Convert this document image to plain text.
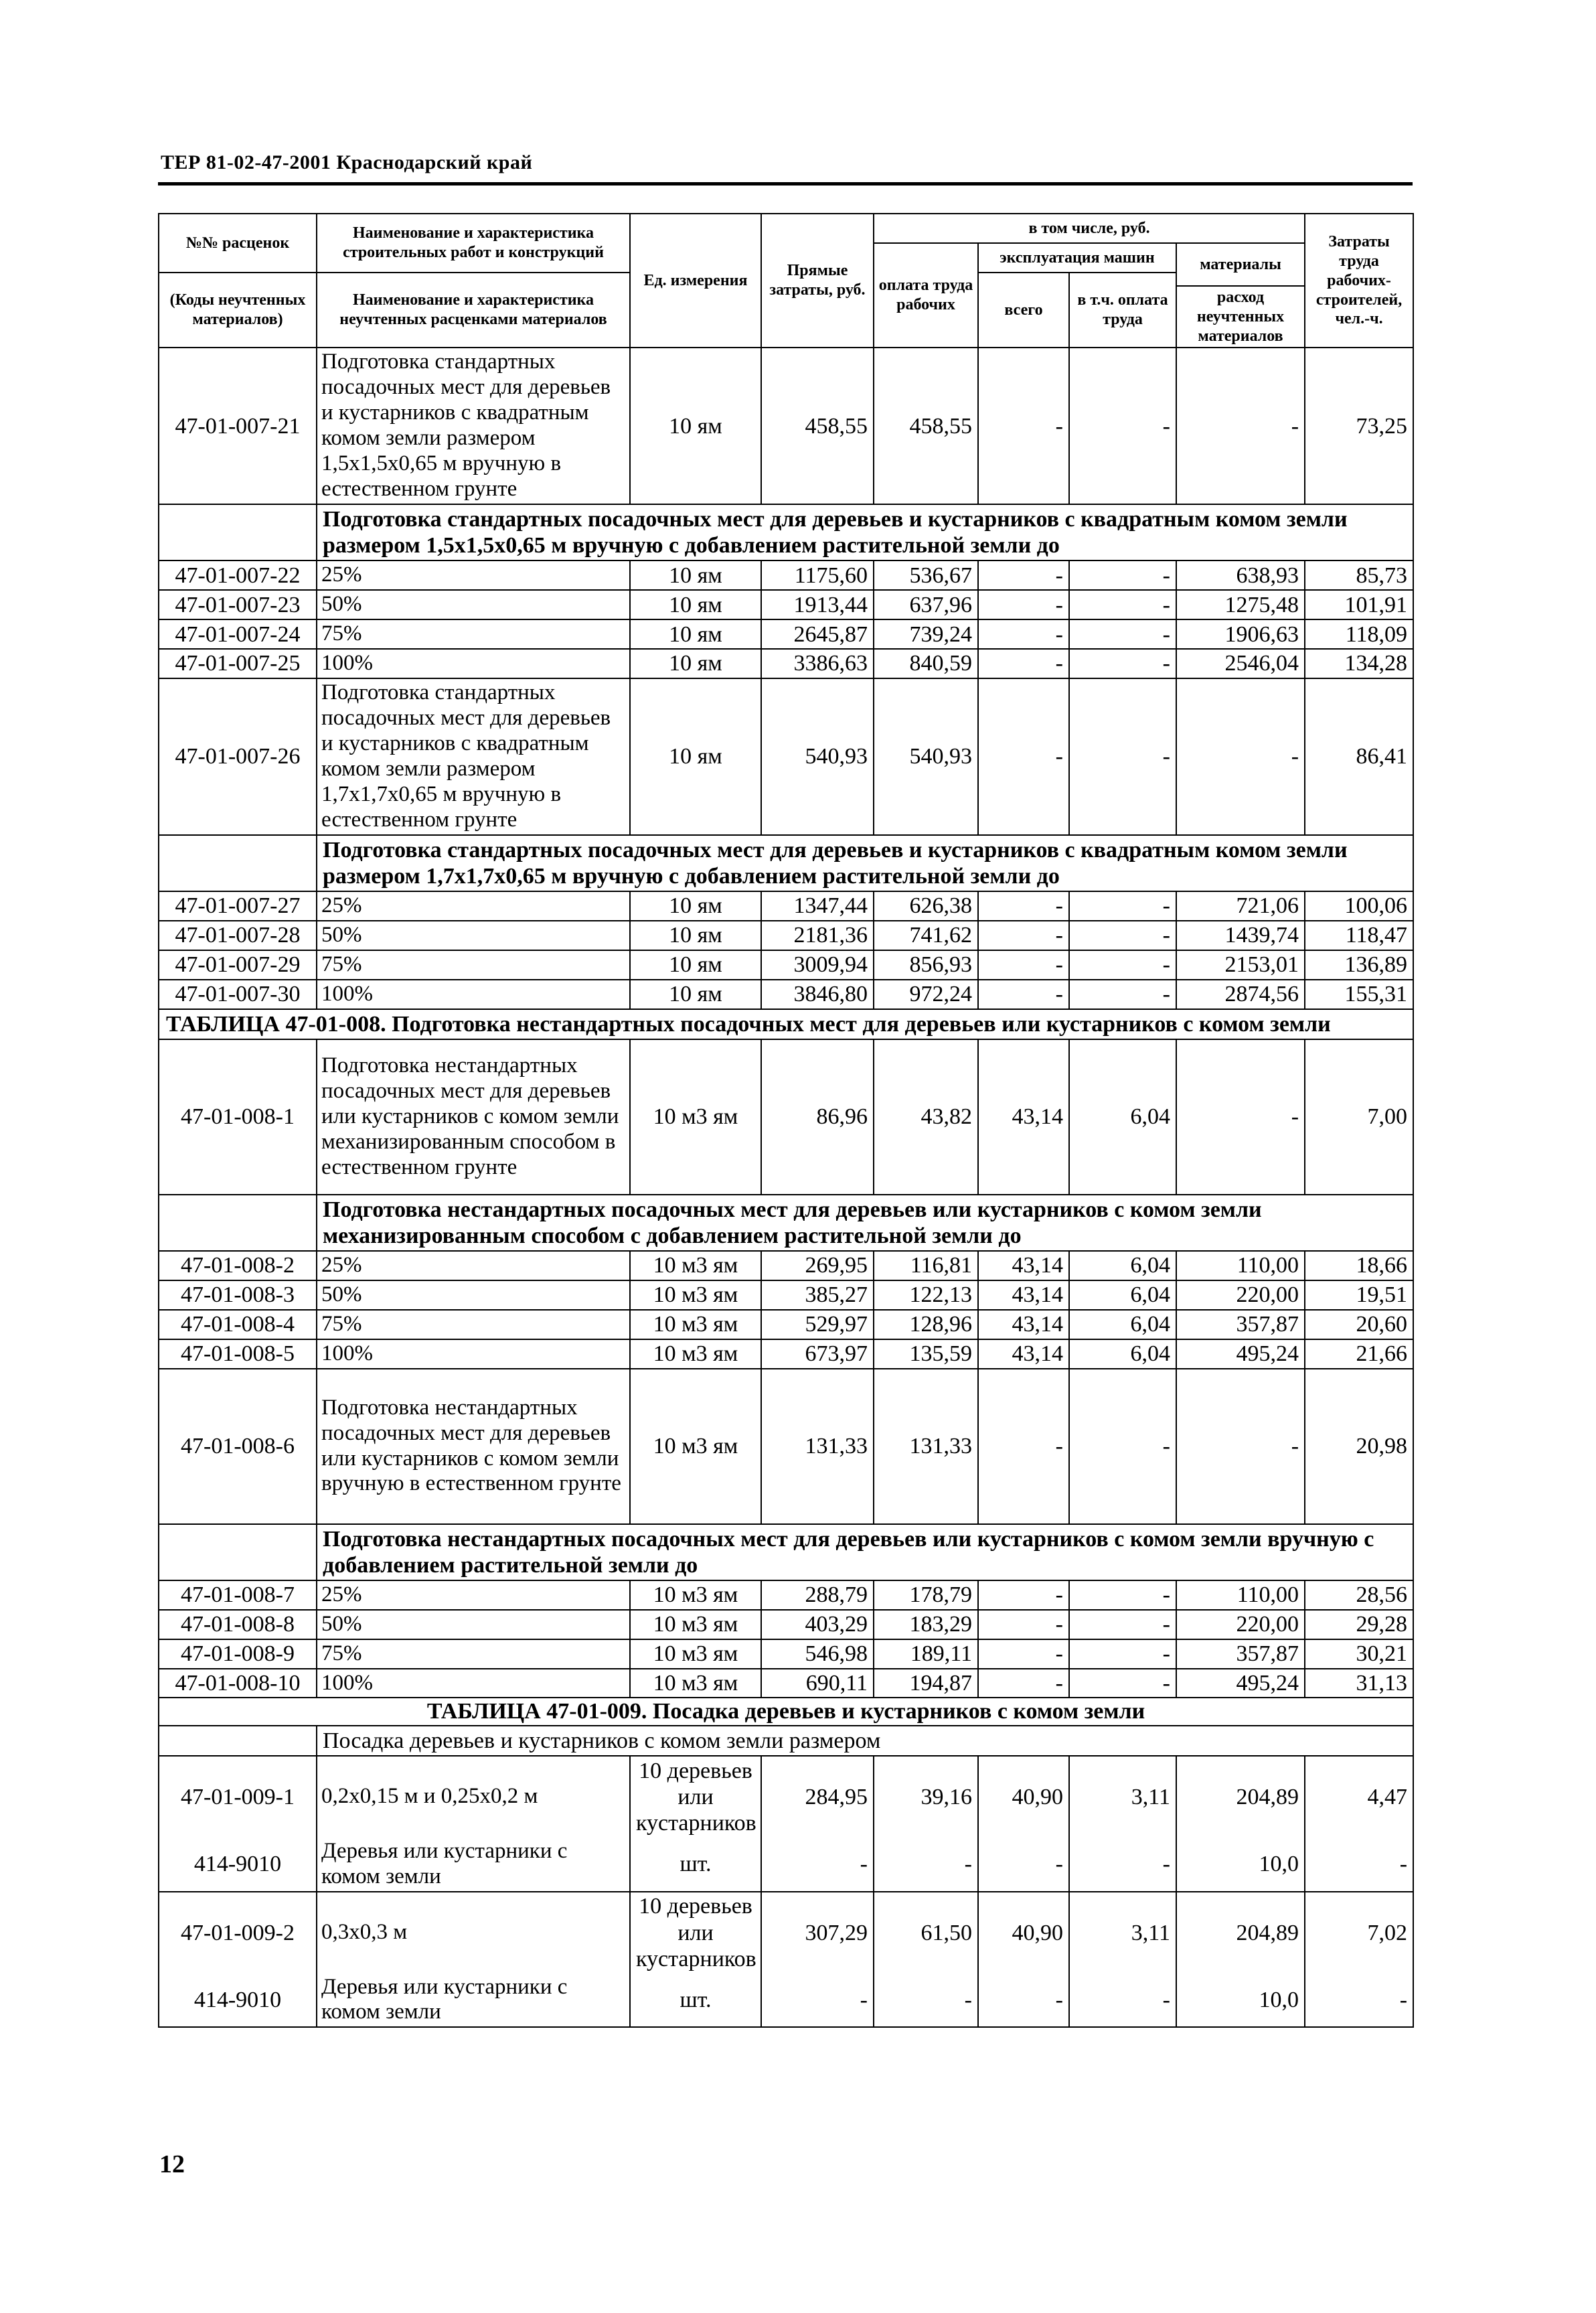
ТЕР 81-02-47-2001 Краснодарский край
№№ расценок	Наименование и характеристика строительных работ и конструкций	Ед. измерения	Прямые затраты, руб.	в том числе, руб.				Затраты труда рабочих-строителей, чел.-ч.
				оплата труда рабочих	эксплуатация машин		материалы	
(Коды неучтенных материалов)	Наименование и характеристика неучтенных расценками материалов				всего	в т.ч. оплата труда		
							расход неучтенных материалов	
47-01-007-21	Подготовка стандартных посадочных мест для деревьев и кустарников с квадратным комом земли размером 1,5х1,5х0,65 м вручную в естественном грунте	10 ям	458,55	458,55	-	-	-	73,25
	Подготовка стандартных посадочных мест для деревьев и кустарников с квадратным комом земли размером 1,5х1,5х0,65 м вручную с добавлением растительной земли до							
47-01-007-22	25%	10 ям	1175,60	536,67	-	-	638,93	85,73
47-01-007-23	50%	10 ям	1913,44	637,96	-	-	1275,48	101,91
47-01-007-24	75%	10 ям	2645,87	739,24	-	-	1906,63	118,09
47-01-007-25	100%	10 ям	3386,63	840,59	-	-	2546,04	134,28
47-01-007-26	Подготовка стандартных посадочных мест для деревьев и кустарников с квадратным комом земли размером 1,7х1,7х0,65 м вручную в естественном грунте	10 ям	540,93	540,93	-	-	-	86,41
	Подготовка стандартных посадочных мест для деревьев и кустарников с квадратным комом земли размером 1,7х1,7х0,65 м вручную с добавлением растительной земли до							
47-01-007-27	25%	10 ям	1347,44	626,38	-	-	721,06	100,06
47-01-007-28	50%	10 ям	2181,36	741,62	-	-	1439,74	118,47
47-01-007-29	75%	10 ям	3009,94	856,93	-	-	2153,01	136,89
47-01-007-30	100%	10 ям	3846,80	972,24	-	-	2874,56	155,31
ТАБЛИЦА 47-01-008. Подготовка нестандартных посадочных мест для деревьев или кустарников с комом земли								
47-01-008-1	Подготовка нестандартных посадочных мест для деревьев или кустарников с комом земли механизированным способом в естественном грунте	10 м3 ям	86,96	43,82	43,14	6,04	-	7,00
	Подготовка нестандартных посадочных мест для деревьев или кустарников с комом земли механизированным способом с добавлением растительной земли до							
47-01-008-2	25%	10 м3 ям	269,95	116,81	43,14	6,04	110,00	18,66
47-01-008-3	50%	10 м3 ям	385,27	122,13	43,14	6,04	220,00	19,51
47-01-008-4	75%	10 м3 ям	529,97	128,96	43,14	6,04	357,87	20,60
47-01-008-5	100%	10 м3 ям	673,97	135,59	43,14	6,04	495,24	21,66
47-01-008-6	Подготовка нестандартных посадочных мест для деревьев или кустарников с комом земли вручную в естественном грунте	10 м3 ям	131,33	131,33	-	-	-	20,98
	Подготовка нестандартных посадочных мест для деревьев или кустарников с комом земли вручную с добавлением растительной земли до							
47-01-008-7	25%	10 м3 ям	288,79	178,79	-	-	110,00	28,56
47-01-008-8	50%	10 м3 ям	403,29	183,29	-	-	220,00	29,28
47-01-008-9	75%	10 м3 ям	546,98	189,11	-	-	357,87	30,21
47-01-008-10	100%	10 м3 ям	690,11	194,87	-	-	495,24	31,13
ТАБЛИЦА 47-01-009. Посадка деревьев и кустарников с комом земли								
	Посадка деревьев и кустарников с комом земли размером							
47-01-009-1	0,2х0,15 м и 0,25х0,2 м	10 деревьев или кустарников	284,95	39,16	40,90	3,11	204,89	4,47
414-9010	Деревья или кустарники с комом земли	шт.	-	-	-	-	10,0	-
47-01-009-2	0,3х0,3 м	10 деревьев или кустарников	307,29	61,50	40,90	3,11	204,89	7,02
414-9010	Деревья или кустарники с комом земли	шт.	-	-	-	-	10,0	-
12
